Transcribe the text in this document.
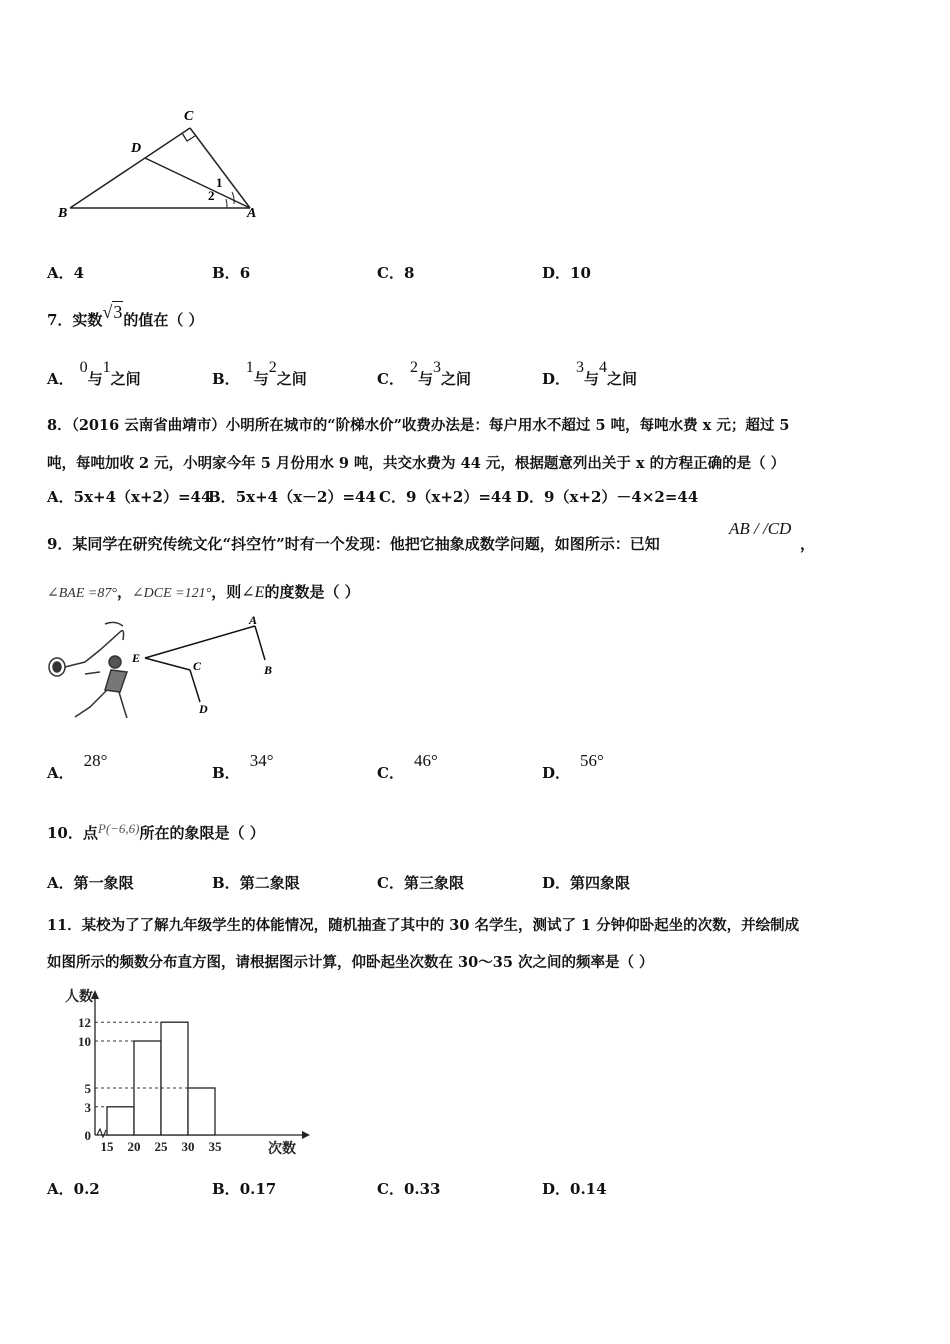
C
D
B	A
1
2
A．4	B．6	C．8	D．10
7．实数√3的值在（ ）
A．0与1之间	B．1与2之间	C．2与3之间	D．3与4之间
8．（2016 云南省曲靖市）小明所在城市的“阶梯水价”收费办法是：每户用水不超过 5 吨，每吨水费 x 元；超过 5
吨，每吨加收 2 元，小明家今年 5 月份用水 9 吨，共交水费为 44 元，根据题意列出关于 x 的方程正确的是（ ）
A．5x+4（x+2）=44
B．5x+4（x－2）=44 C．9（x+2）=44 D．9（x+2）－4×2=44
9．某同学在研究传统文化“抖空竹”时有一个发现：他把它抽象成数学问题，如图所示：已知
AB / /CD
，
∠BAE =87°，∠DCE =121°，则∠E的度数是（ ）
A
B
C
D
E
A．28°
B．34°
C．46°
D．56°
10．点P(−6,6)所在的象限是（ ）
A．第一象限	B．第二象限	C．第三象限	D．第四象限
11．某校为了了解九年级学生的体能情况，随机抽查了其中的 30 名学生，测试了 1 分钟仰卧起坐的次数，并绘制成
如图所示的频数分布直方图，请根据图示计算，仰卧起坐次数在 30～35 次之间的频率是（ ）
0
3
5
10
12
15 20 25 30 35
人数
次数
A．0.2	B．0.17	C．0.33	D．0.14
